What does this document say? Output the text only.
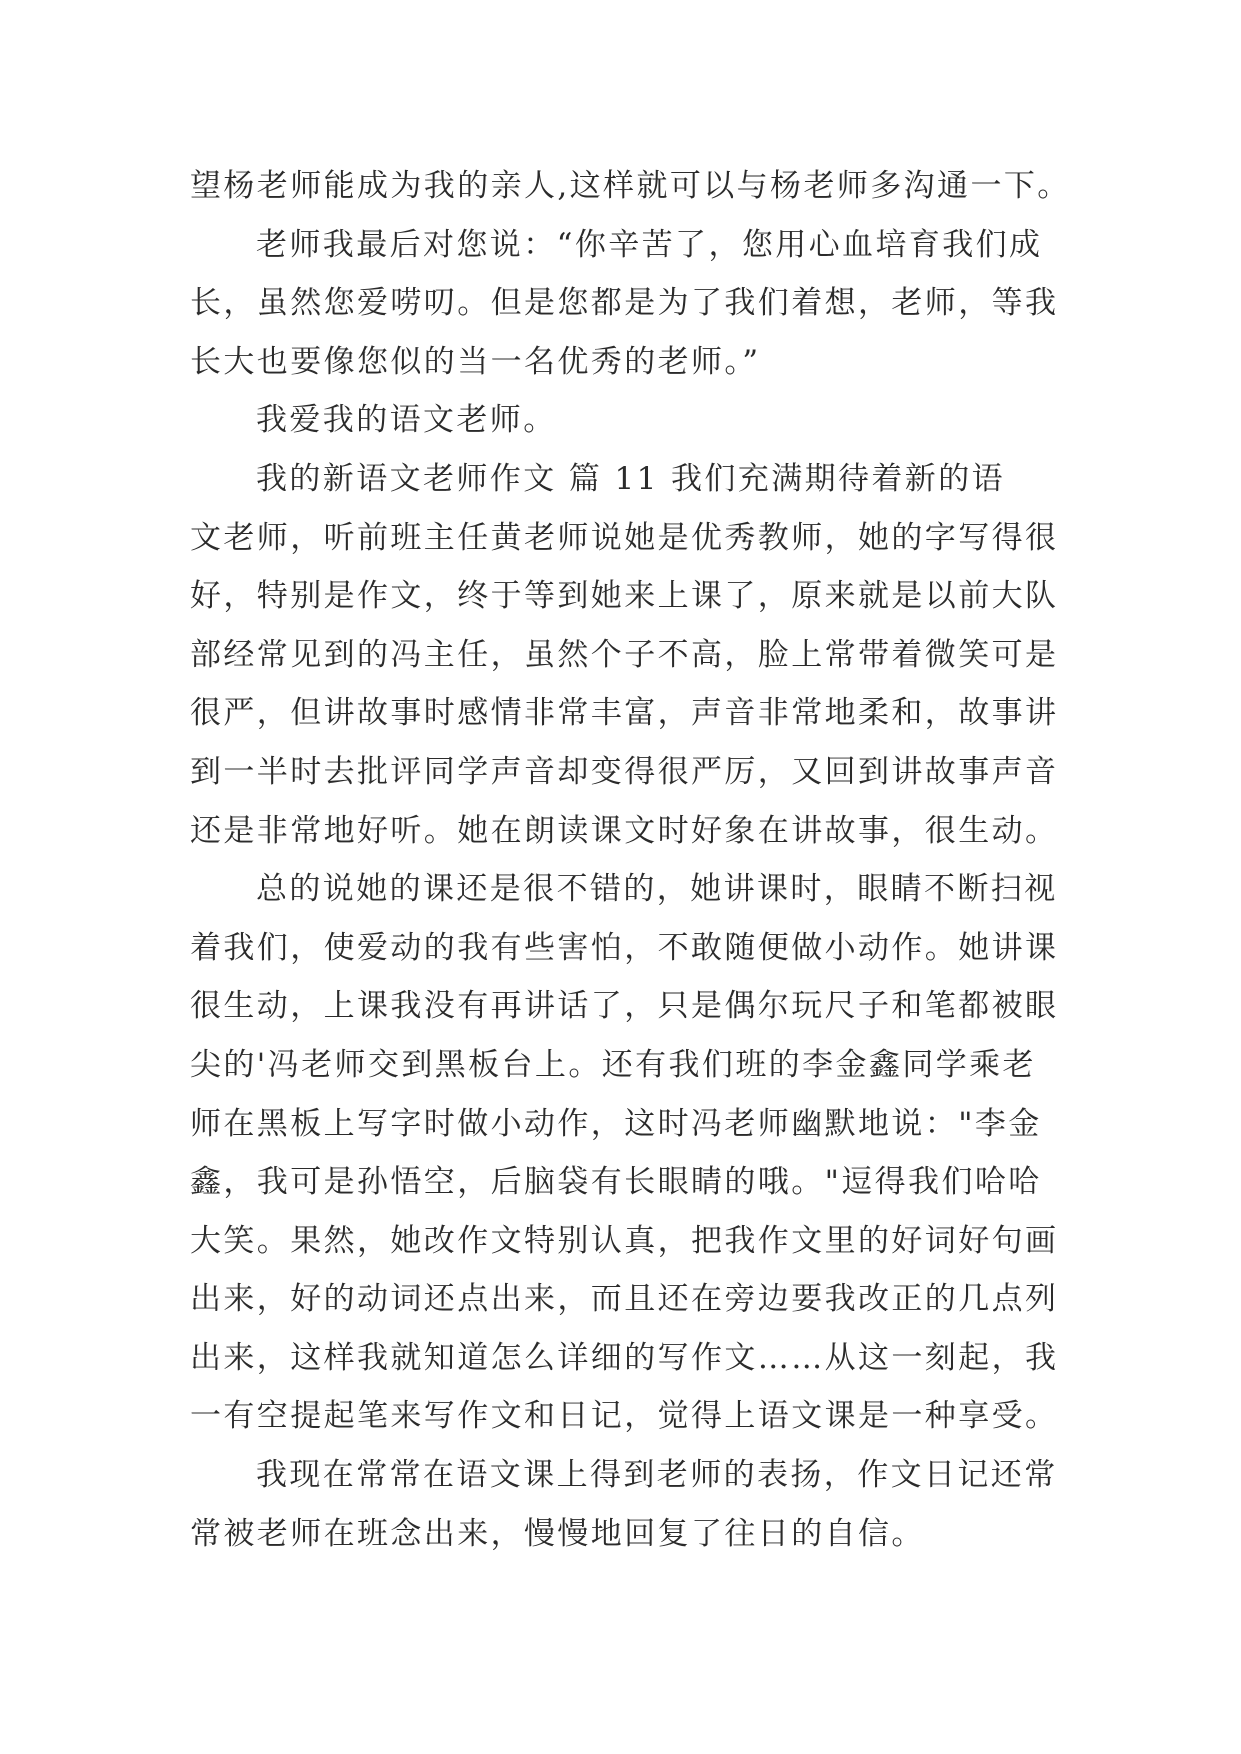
望杨老师能成为我的亲人,这样就可以与杨老师多沟通一下。
老师我最后对您说：“你辛苦了，您用心血培育我们成
长，虽然您爱唠叨。但是您都是为了我们着想，老师，等我
长大也要像您似的当一名优秀的老师。”
我爱我的语文老师。
我的新语文老师作文 篇 11 我们充满期待着新的语
文老师，听前班主任黄老师说她是优秀教师，她的字写得很
好，特别是作文，终于等到她来上课了，原来就是以前大队
部经常见到的冯主任，虽然个子不高，脸上常带着微笑可是
很严，但讲故事时感情非常丰富，声音非常地柔和，故事讲
到一半时去批评同学声音却变得很严厉，又回到讲故事声音
还是非常地好听。她在朗读课文时好象在讲故事，很生动。
总的说她的课还是很不错的，她讲课时，眼睛不断扫视
着我们，使爱动的我有些害怕，不敢随便做小动作。她讲课
很生动，上课我没有再讲话了，只是偶尔玩尺子和笔都被眼
尖的'冯老师交到黑板台上。还有我们班的李金鑫同学乘老
师在黑板上写字时做小动作，这时冯老师幽默地说："李金
鑫，我可是孙悟空，后脑袋有长眼睛的哦。"逗得我们哈哈
大笑。果然，她改作文特别认真，把我作文里的好词好句画
出来，好的动词还点出来，而且还在旁边要我改正的几点列
出来，这样我就知道怎么详细的写作文……从这一刻起，我
一有空提起笔来写作文和日记，觉得上语文课是一种享受。
我现在常常在语文课上得到老师的表扬，作文日记还常
常被老师在班念出来，慢慢地回复了往日的自信。
